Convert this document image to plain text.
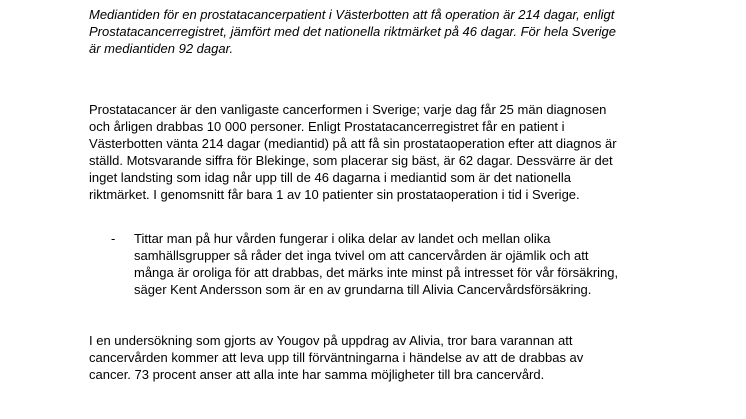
Mediantiden för en prostatacancerpatient i Västerbotten att få operation är 214 dagar, enligt
Prostatacancerregistret, jämfört med det nationella riktmärket på 46 dagar. För hela Sverige
är mediantiden 92 dagar.

Prostatacancer är den vanligaste cancerformen i Sverige; varje dag får 25 män diagnosen
och årligen drabbas 10 000 personer. Enligt Prostatacancerregistret får en patient i
Västerbotten vänta 214 dagar (mediantid) på att få sin prostataoperation efter att diagnos är
ställd. Motsvarande siffra för Blekinge, som placerar sig bäst, är 62 dagar. Dessvärre är det
inget landsting som idag når upp till de 46 dagarna i mediantid som är det nationella
riktmärket. I genomsnitt får bara 1 av 10 patienter sin prostataoperation i tid i Sverige.

- Tittar man på hur vården fungerar i olika delar av landet och mellan olika
samhällsgrupper så råder det inga tvivel om att cancervården är ojämlik och att
många är oroliga för att drabbas, det märks inte minst på intresset för vår försäkring,
säger Kent Andersson som är en av grundarna till Alivia Cancervårdsförsäkring.

I en undersökning som gjorts av Yougov på uppdrag av Alivia, tror bara varannan att
cancervården kommer att leva upp till förväntningarna i händelse av att de drabbas av
cancer. 73 procent anser att alla inte har samma möjligheter till bra cancervård.
